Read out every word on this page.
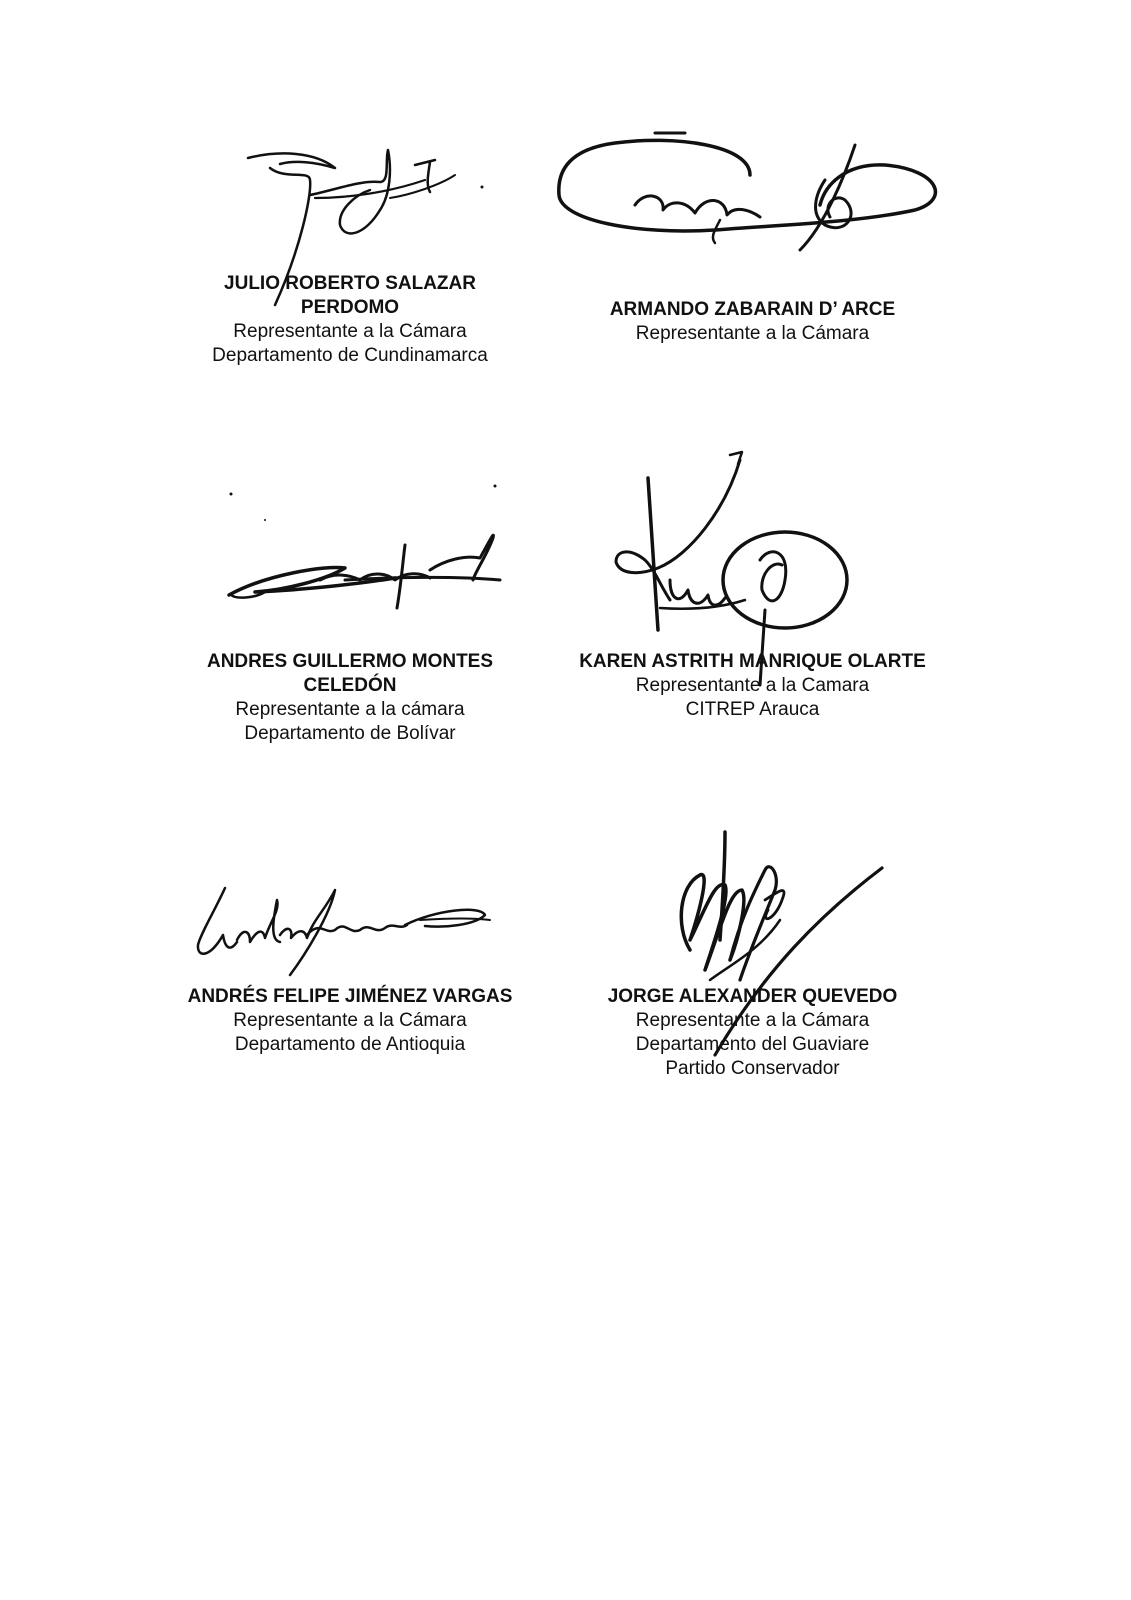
JULIO ROBERTO SALAZAR
PERDOMO
Representante a la Cámara
Departamento de Cundinamarca
ARMANDO ZABARAIN D’ ARCE
Representante a la Cámara
ANDRES GUILLERMO MONTES
CELEDÓN
Representante a la cámara
Departamento de Bolívar
KAREN ASTRITH MANRIQUE OLARTE
Representante a la Camara
CITREP Arauca
ANDRÉS FELIPE JIMÉNEZ VARGAS
Representante a la Cámara
Departamento de Antioquia
JORGE ALEXANDER QUEVEDO
Representante a la Cámara
Departamento del Guaviare
Partido Conservador
